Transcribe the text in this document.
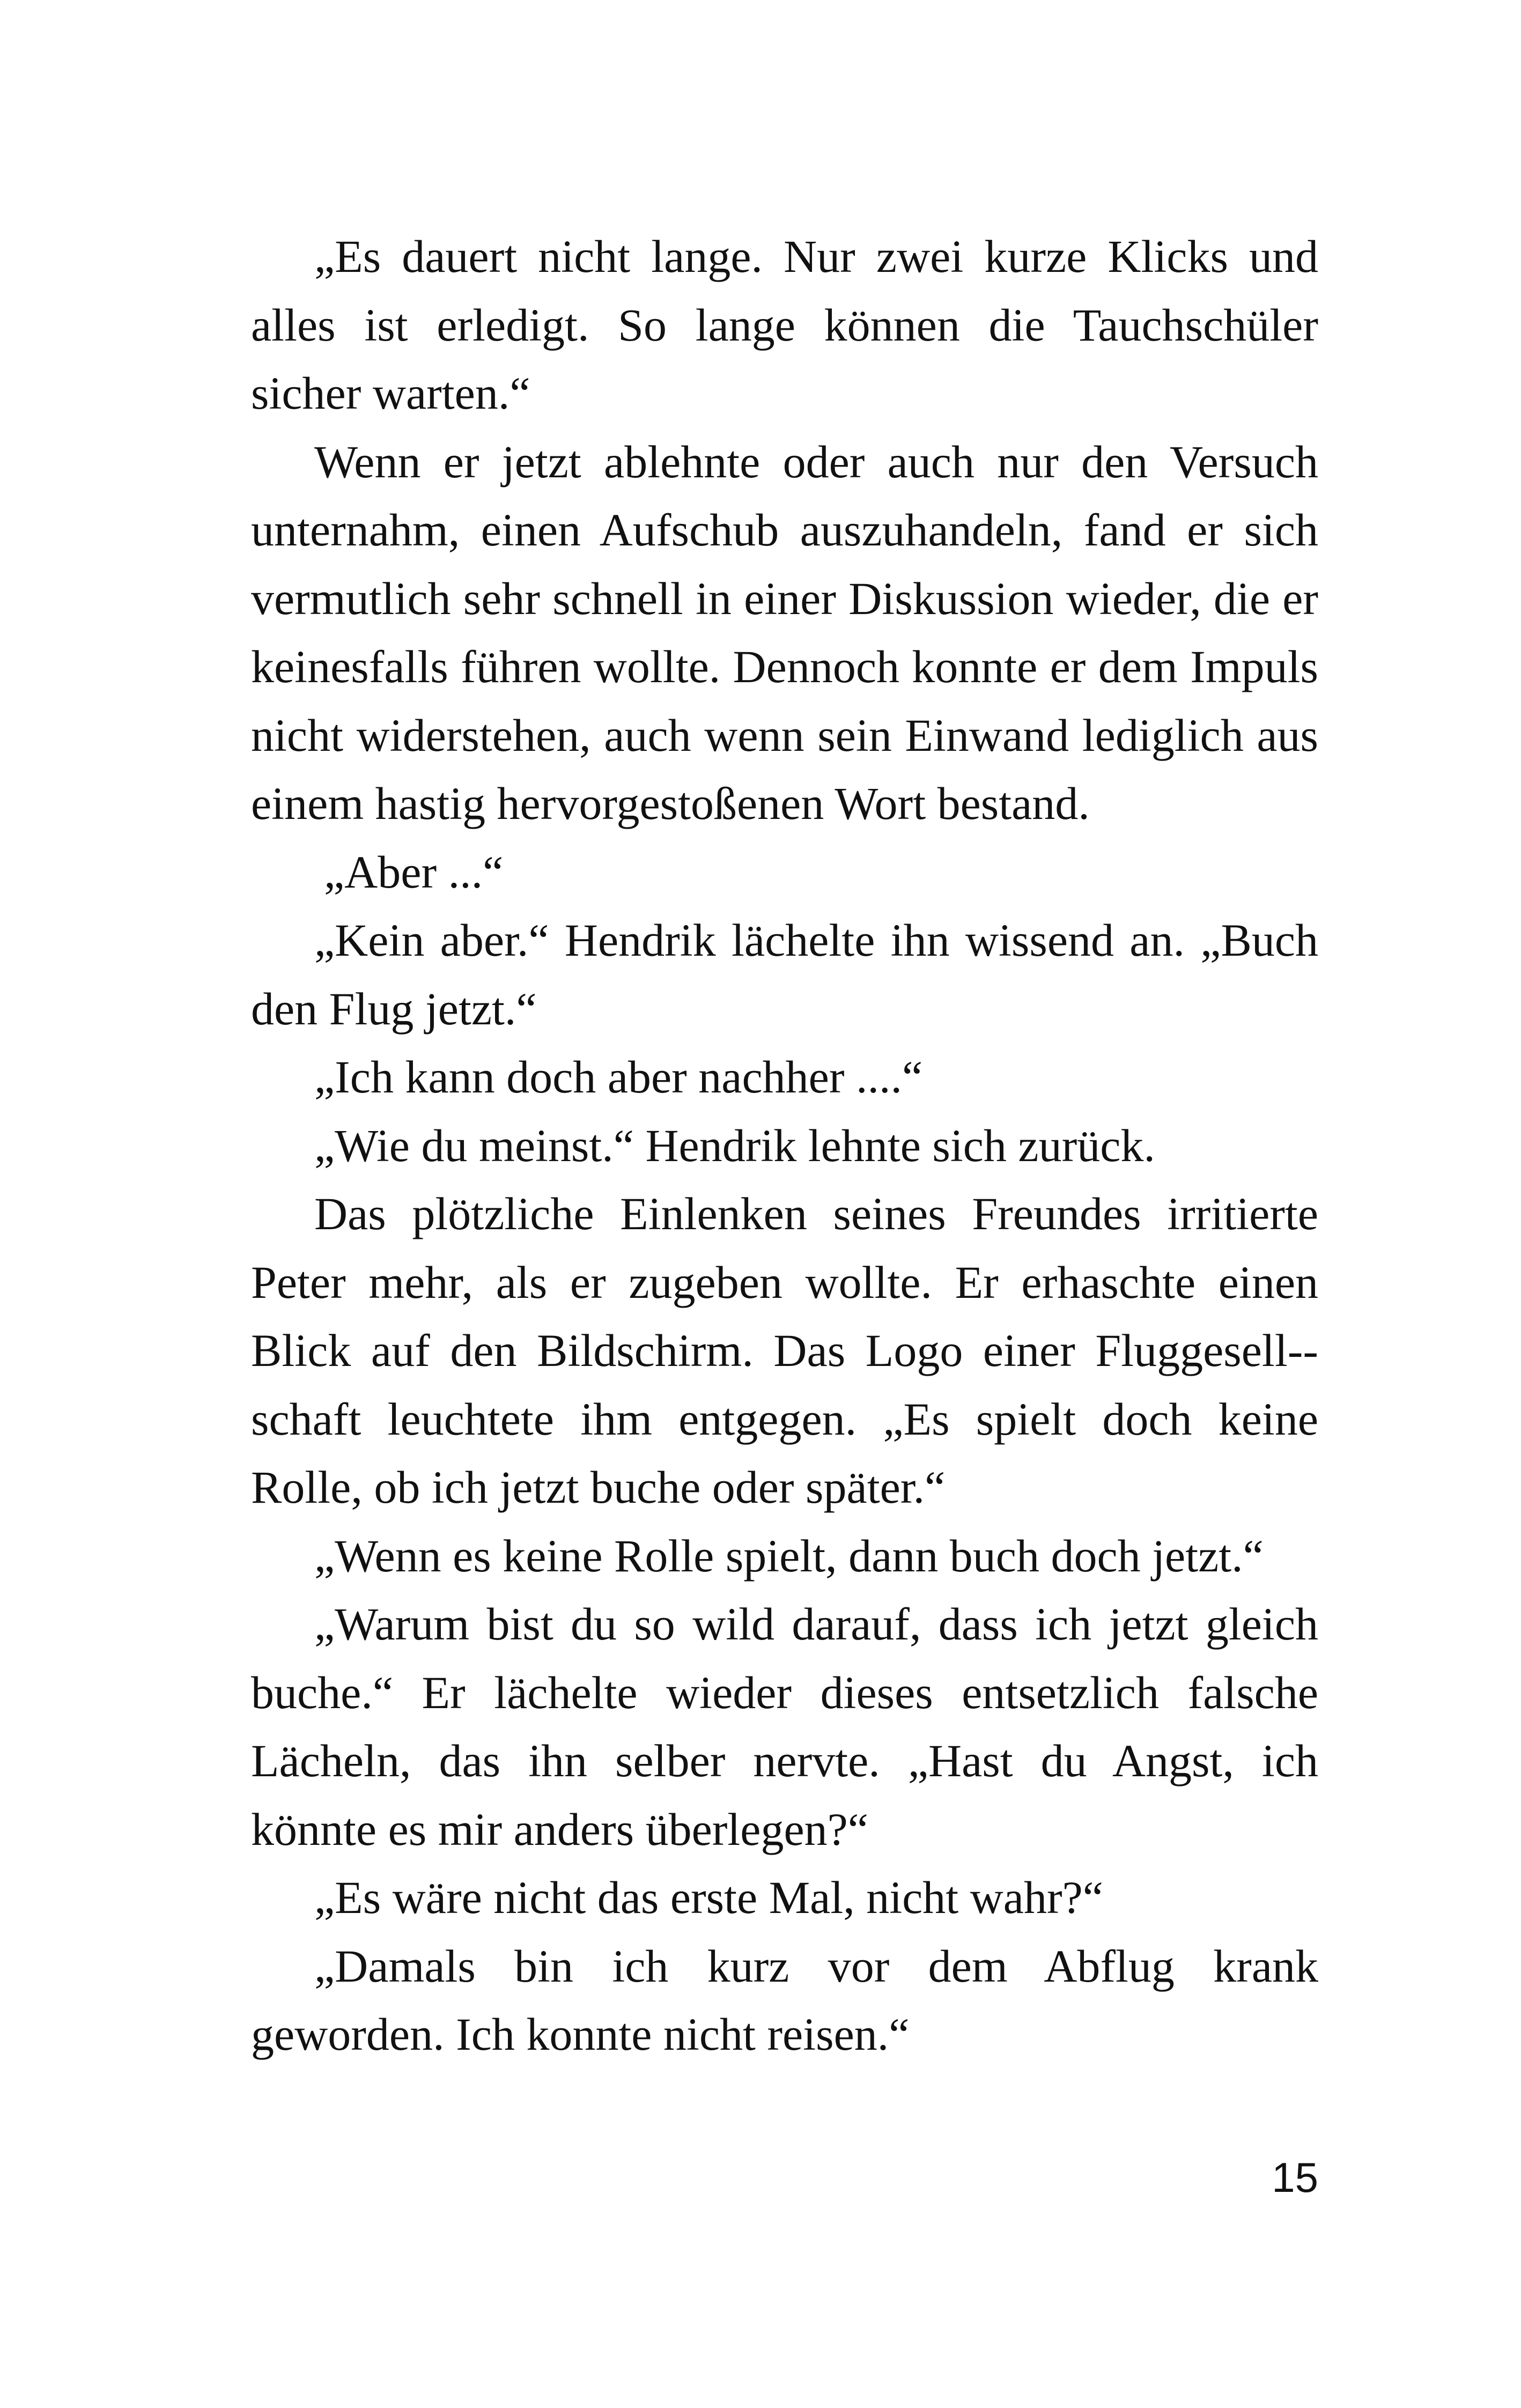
„Es dauert nicht lange. Nur zwei kurze Klicks und alles ist erledigt. So lange können die Tauchschüler sicher warten.“

Wenn er jetzt ablehnte oder auch nur den Versuch unternahm, einen Aufschub auszuhandeln, fand er sich vermutlich sehr schnell in einer Diskussion wieder, die er keinesfalls führen wollte. Dennoch konnte er dem Impuls nicht widerstehen, auch wenn sein Einwand lediglich aus einem hastig hervorgestoßenen Wort bestand.

„Aber ...“

„Kein aber.“ Hendrik lächelte ihn wissend an. „Buch den Flug jetzt.“

„Ich kann doch aber nachher ....“

„Wie du meinst.“ Hendrik lehnte sich zurück.

Das plötzliche Einlenken seines Freundes irritierte Peter mehr, als er zugeben wollte. Er erhaschte einen Blick auf den Bildschirm. Das Logo einer Fluggesell-schaft leuchtete ihm entgegen. „Es spielt doch keine Rolle, ob ich jetzt buche oder später.“

„Wenn es keine Rolle spielt, dann buch doch jetzt.“

„Warum bist du so wild darauf, dass ich jetzt gleich buche.“ Er lächelte wieder dieses entsetzlich falsche Lächeln, das ihn selber nervte. „Hast du Angst, ich könnte es mir anders überlegen?“

„Es wäre nicht das erste Mal, nicht wahr?“

„Damals bin ich kurz vor dem Abflug krank geworden. Ich konnte nicht reisen.“

15
